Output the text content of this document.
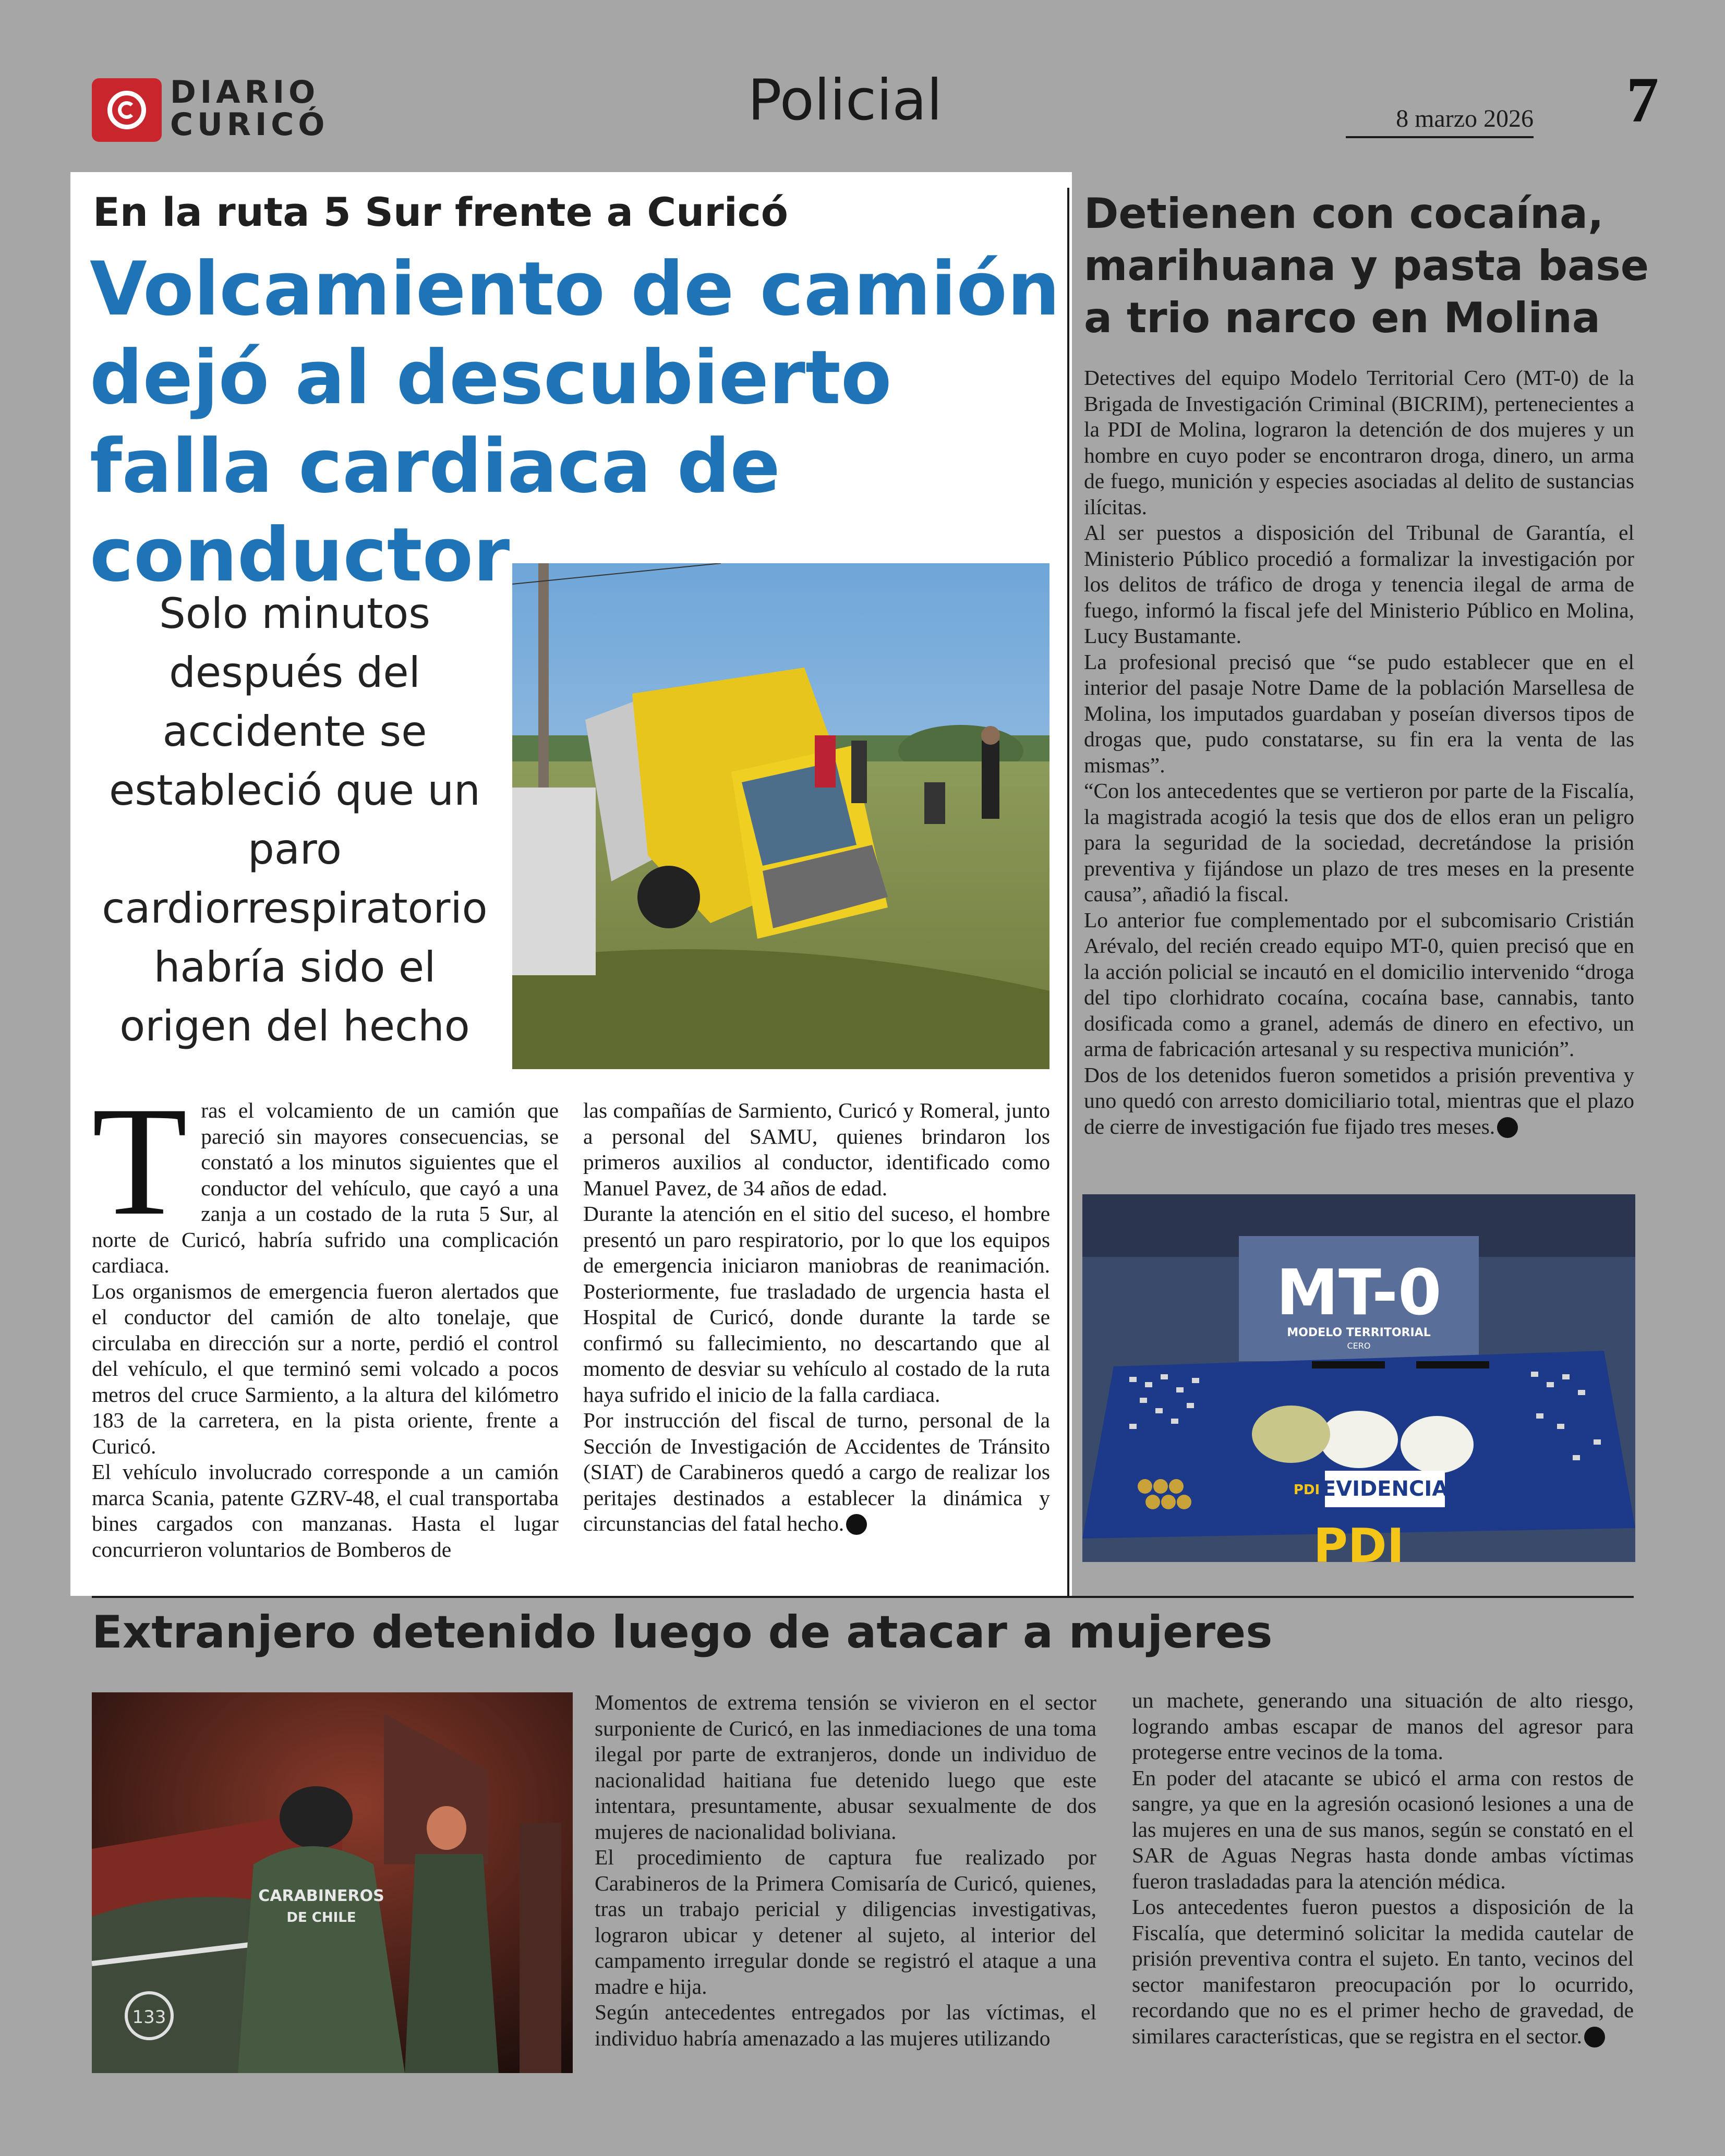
DIARIO
CURICÓ	Policial	8 marzo 2026	7
En la ruta 5 Sur frente a Curicó
Volcamiento de camión dejó al descubierto falla cardiaca de conductor
Solo minutos después del accidente se estableció que un paro cardiorrespiratorio habría sido el origen del hecho
T ras el volcamiento de un camión que pareció sin mayores consecuencias, se constató a los minutos siguientes que el conductor del vehículo, que cayó a una zanja a un costado de la ruta 5 Sur, al norte de Curicó, habría sufrido una complicación cardiaca.

Los organismos de emergencia fueron alertados que el conductor del camión de alto tonelaje, que circulaba en dirección sur a norte, perdió el control del vehículo, el que terminó semi volcado a pocos metros del cruce Sarmiento, a la altura del kilómetro 183 de la carretera, en la pista oriente, frente a Curicó.

El vehículo involucrado corresponde a un camión marca Scania, patente GZRV-48, el cual transportaba bines cargados con manzanas. Hasta el lugar concurrieron voluntarios de Bomberos de

las compañías de Sarmiento, Curicó y Romeral, junto a personal del SAMU, quienes brindaron los primeros auxilios al conductor, identificado como Manuel Pavez, de 34 años de edad.

Durante la atención en el sitio del suceso, el hombre presentó un paro respiratorio, por lo que los equipos de emergencia iniciaron maniobras de reanimación. Posteriormente, fue trasladado de urgencia hasta el Hospital de Curicó, donde durante la tarde se confirmó su fallecimiento, no descartando que al momento de desviar su vehículo al costado de la ruta haya sufrido el inicio de la falla cardiaca.

Por instrucción del fiscal de turno, personal de la Sección de Investigación de Accidentes de Tránsito (SIAT) de Carabineros quedó a cargo de realizar los peritajes destinados a establecer la dinámica y circunstancias del fatal hecho.

Detienen con cocaína, marihuana y pasta base a trio narco en Molina

Detectives del equipo Modelo Territorial Cero (MT-0) de la Brigada de Investigación Criminal (BICRIM), pertenecientes a la PDI de Molina, lograron la detención de dos mujeres y un hombre en cuyo poder se encontraron droga, dinero, un arma de fuego, munición y especies asociadas al delito de sustancias ilícitas.

Al ser puestos a disposición del Tribunal de Garantía, el Ministerio Público procedió a formalizar la investigación por los delitos de tráfico de droga y tenencia ilegal de arma de fuego, informó la fiscal jefe del Ministerio Público en Molina, Lucy Bustamante.

La profesional precisó que “se pudo establecer que en el interior del pasaje Notre Dame de la población Marsellesa de Molina, los imputados guardaban y poseían diversos tipos de drogas que, pudo constatarse, su fin era la venta de las mismas”.

“Con los antecedentes que se vertieron por parte de la Fiscalía, la magistrada acogió la tesis que dos de ellos eran un peligro para la seguridad de la sociedad, decretándose la prisión preventiva y fijándose un plazo de tres meses en la presente causa”, añadió la fiscal.

Lo anterior fue complementado por el subcomisario Cristián Arévalo, del recién creado equipo MT-0, quien precisó que en la acción policial se incautó en el domicilio intervenido “droga del tipo clorhidrato cocaína, cocaína base, cannabis, tanto dosificada como a granel, además de dinero en efectivo, un arma de fabricación artesanal y su respectiva munición”.

Dos de los detenidos fueron sometidos a prisión preventiva y uno quedó con arresto domiciliario total, mientras que el plazo de cierre de investigación fue fijado tres meses.

MT-0
MODELO TERRITORIAL
CERO
PDI EVIDENCIA
PDI
Extranjero detenido luego de atacar a mujeres
133
CARABINEROS
DE CHILE

Momentos de extrema tensión se vivieron en el sector surponiente de Curicó, en las inmediaciones de una toma ilegal por parte de extranjeros, donde un individuo de nacionalidad haitiana fue detenido luego que este intentara, presuntamente, abusar sexualmente de dos mujeres de nacionalidad boliviana.

El procedimiento de captura fue realizado por Carabineros de la Primera Comisaría de Curicó, quienes, tras un trabajo pericial y diligencias investigativas, lograron ubicar y detener al sujeto, al interior del campamento irregular donde se registró el ataque a una madre e hija.

Según antecedentes entregados por las víctimas, el individuo habría amenazado a las mujeres utilizando

un machete, generando una situación de alto riesgo, logrando ambas escapar de manos del agresor para protegerse entre vecinos de la toma.

En poder del atacante se ubicó el arma con restos de sangre, ya que en la agresión ocasionó lesiones a una de las mujeres en una de sus manos, según se constató en el SAR de Aguas Negras hasta donde ambas víctimas fueron trasladadas para la atención médica.

Los antecedentes fueron puestos a disposición de la Fiscalía, que determinó solicitar la medida cautelar de prisión preventiva contra el sujeto. En tanto, vecinos del sector manifestaron preocupación por lo ocurrido, recordando que no es el primer hecho de gravedad, de similares características, que se registra en el sector.
